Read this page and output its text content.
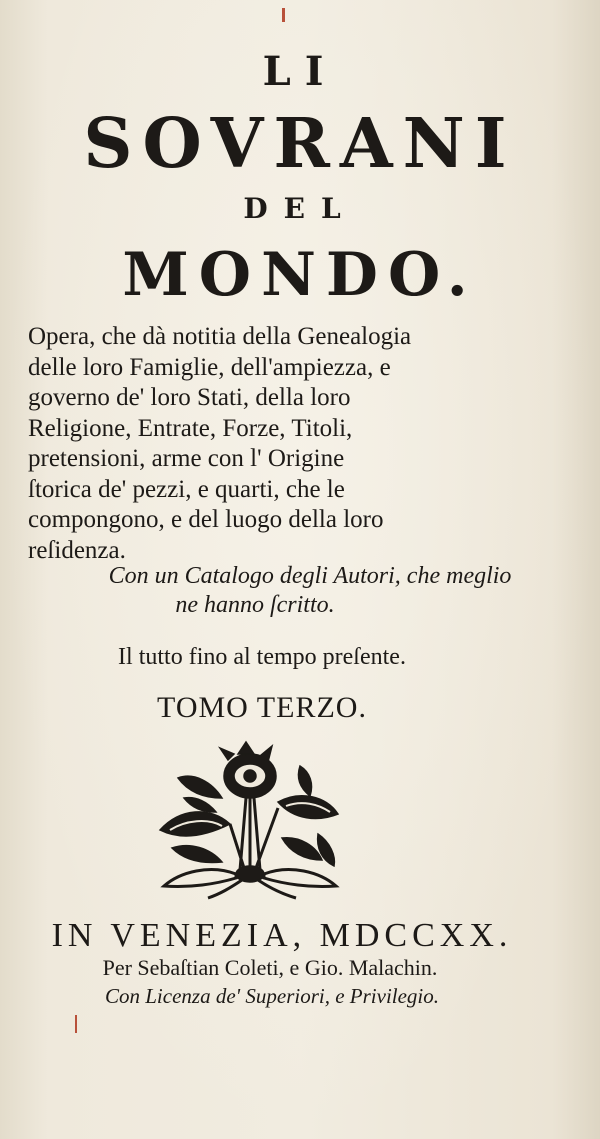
LI
SOVRANI
DEL
MONDO.
Opera, che dà notitia della Genealogia
delle loro Famiglie, dell'ampiezza, e
governo de' loro Stati, della loro
Religione, Entrate, Forze, Titoli,
pretensioni, arme con l' Origine
ſtorica de' pezzi, e quarti, che le
compongono, e del luogo della loro
reſidenza.
Con un Catalogo degli Autori, che meglio
ne hanno ſcritto.
Il tutto fino al tempo preſente.
TOMO TERZO.
IN VENEZIA, MDCCXX.
Per Sebaſtian Coleti, e Gio. Malachin.
Con Licenza de' Superiori, e Privilegio.
